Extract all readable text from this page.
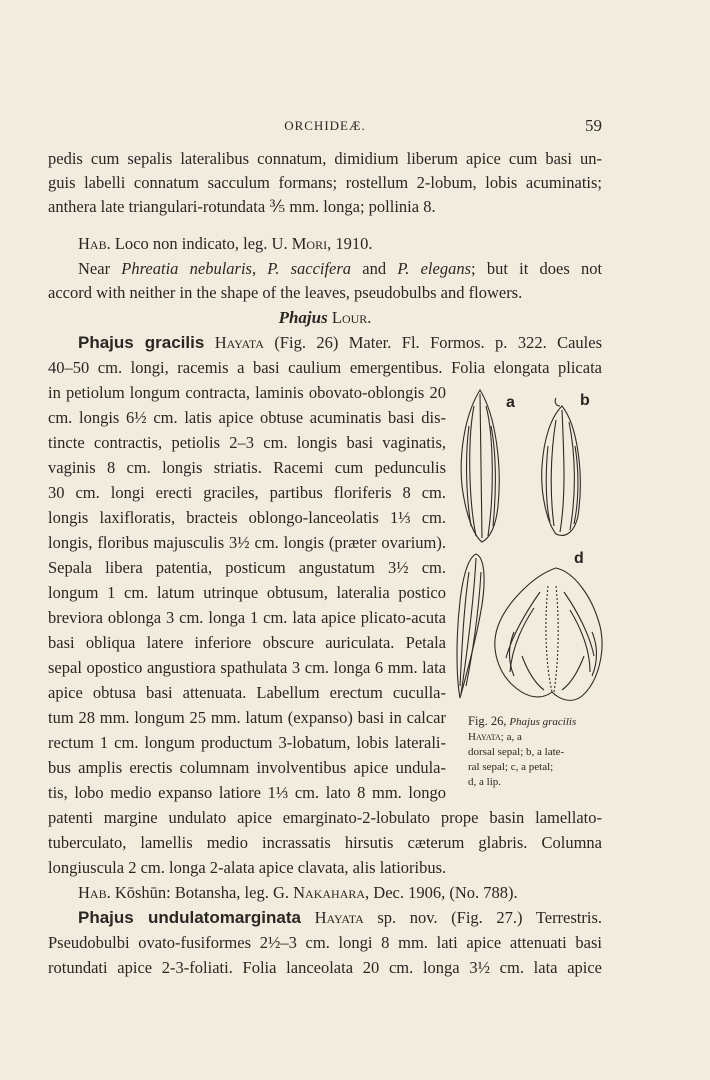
ORCHIDEÆ.	59
pedis cum sepalis lateralibus connatum, dimidium liberum apice cum basi un-
guis labelli connatum sacculum formans; rostellum 2-lobum, lobis acuminatis;
anthera late triangulari-rotundata ⅗ mm. longa; pollinia 8.
Hab. Loco non indicato, leg. U. Mori, 1910.
Near Phreatia nebularis, P. saccifera and P. elegans; but it does not
accord with neither in the shape of the leaves, pseudobulbs and flowers.
Phajus Lour.
Phajus gracilis Hayata (Fig. 26) Mater. Fl. Formos. p. 322. Caules
40–50 cm. longi, racemis a basi caulium emergentibus. Folia elongata plicata
in petiolum longum contracta, laminis obovato-oblongis 20
cm. longis 6½ cm. latis apice obtuse acuminatis basi dis-
tincte contractis, petiolis 2–3 cm. longis basi vaginatis,
vaginis 8 cm. longis striatis. Racemi cum pedunculis
30 cm. longi erecti graciles, partibus floriferis 8 cm.
longis laxifloratis, bracteis oblongo-lanceolatis 1⅓ cm.
longis, floribus majusculis 3½ cm. longis (præter ovarium).
Sepala libera patentia, posticum angustatum 3½ cm.
longum 1 cm. latum utrinque obtusum, lateralia postico
breviora oblonga 3 cm. longa 1 cm. lata apice plicato-acuta
basi obliqua latere inferiore obscure auriculata. Petala
sepal opostico angustiora spathulata 3 cm. longa 6 mm. lata
apice obtusa basi attenuata. Labellum erectum cuculla-
tum 28 mm. longum 25 mm. latum (expanso) basi in calcar
rectum 1 cm. longum productum 3-lobatum, lobis laterali-
bus amplis erectis columnam involventibus apice undula-
tis, lobo medio expanso latiore 1⅓ cm. lato 8 mm. longo
patenti margine undulato apice emarginato-2-lobulato prope basin lamellato-
tuberculato, lamellis medio incrassatis hirsutis cæterum glabris. Columna
longiuscula 2 cm. longa 2-alata apice clavata, alis latioribus.
Hab. Kōshūn: Botansha, leg. G. Nakahara, Dec. 1906, (No. 788).
Phajus undulatomarginata Hayata sp. nov. (Fig. 27.) Terrestris.
Pseudobulbi ovato-fusiformes 2½–3 cm. longi 8 mm. lati apice attenuati basi
rotundati apice 2-3-foliati. Folia lanceolata 20 cm. longa 3½ cm. lata apice
a	b
d
Fig. 26, Phajus gracilis Hayata; a, a
dorsal sepal; b, a late-
ral sepal; c, a petal;
d, a lip.
